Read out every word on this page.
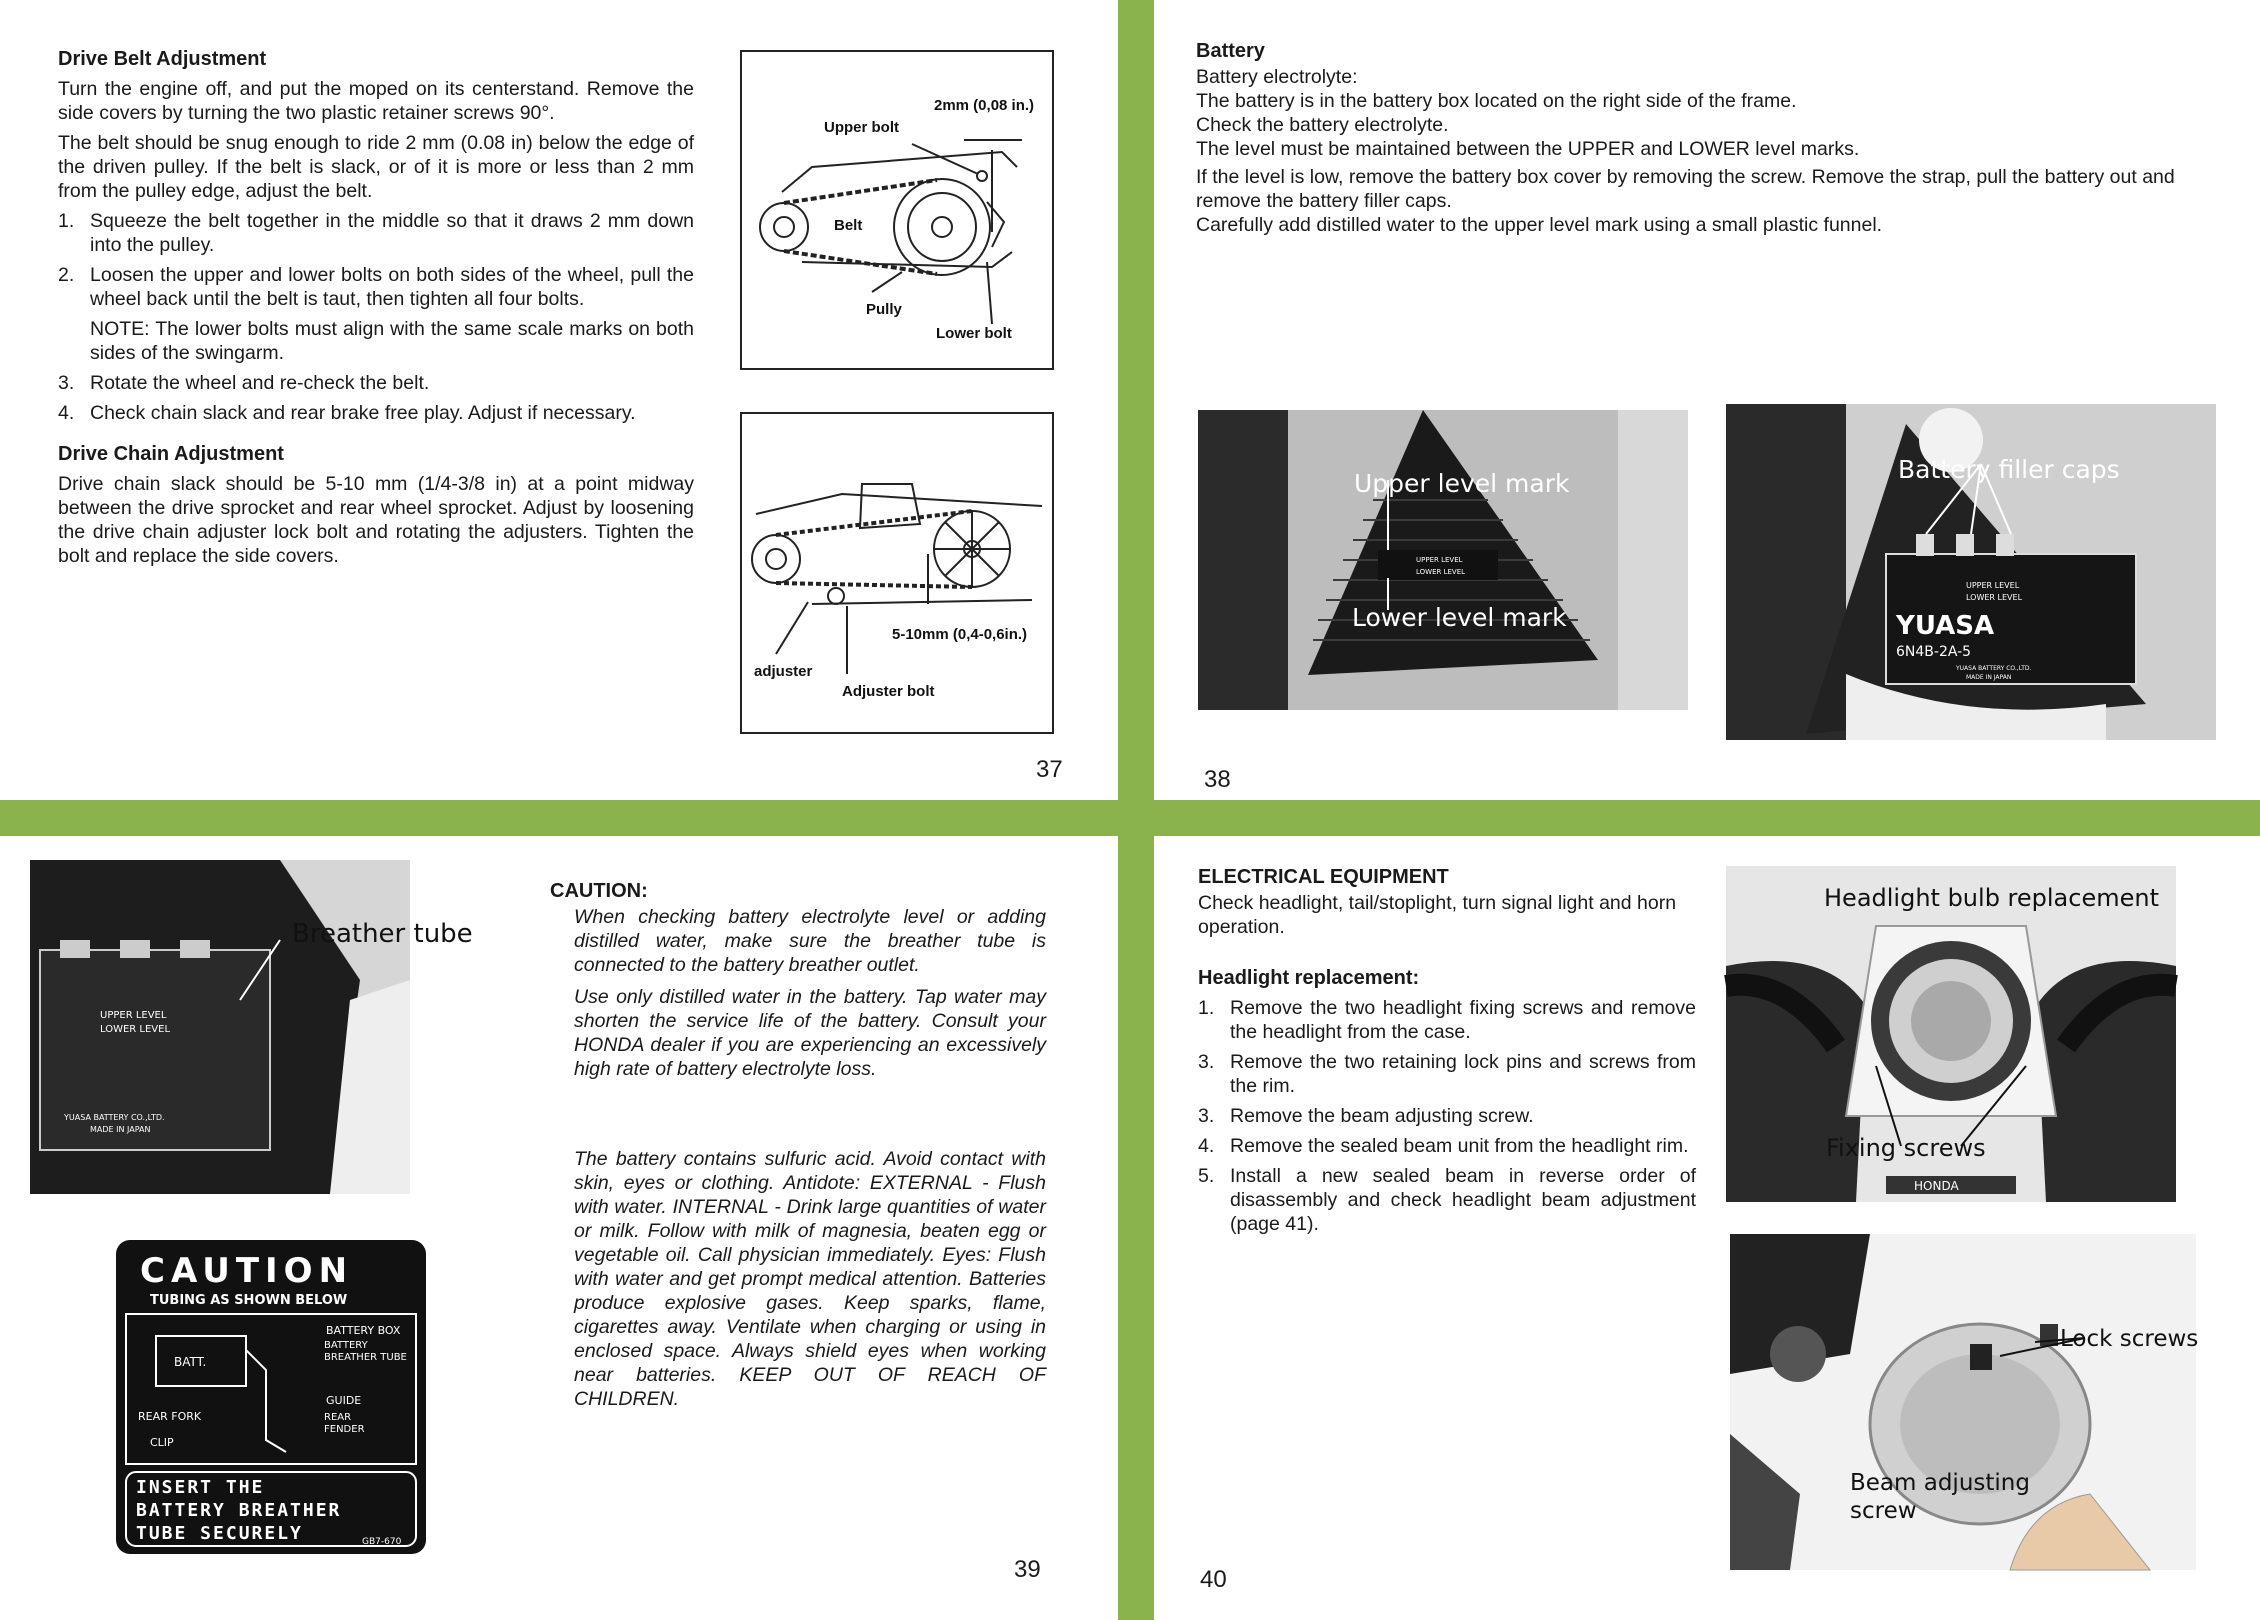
Drive Belt Adjustment
Turn the engine off, and put the moped on its centerstand. Remove the side covers by turning the two plastic retainer screws 90°.
The belt should be snug enough to ride 2 mm (0.08 in) below the edge of the driven pulley. If the belt is slack, or of it is more or less than 2 mm from the pulley edge, adjust the belt.
1. Squeeze the belt together in the middle so that it draws 2 mm down into the pulley.
2. Loosen the upper and lower bolts on both sides of the wheel, pull the wheel back until the belt is taut, then tighten all four bolts.
NOTE: The lower bolts must align with the same scale marks on both sides of the swingarm.
3. Rotate the wheel and re-check the belt.
4. Check chain slack and rear brake free play. Adjust if necessary.
Drive Chain Adjustment
Drive chain slack should be 5-10 mm (1/4-3/8 in) at a point midway between the drive sprocket and rear wheel sprocket. Adjust by loosening the drive chain adjuster lock bolt and rotating the adjusters. Tighten the bolt and replace the side covers.
2mm (0,08 in.)
Upper bolt
Belt
Pully
Lower bolt
5-10mm (0,4-0,6in.)
adjuster
Adjuster bolt
37
Battery
Battery electrolyte:
The battery is in the battery box located on the right side of the frame.
Check the battery electrolyte.
The level must be maintained between the UPPER and LOWER level marks.
If the level is low, remove the battery box cover by removing the screw. Remove the strap, pull the battery out and remove the battery filler caps.
Carefully add distilled water to the upper level mark using a small plastic funnel.
UPPER LEVEL
LOWER LEVEL
Upper level mark
Lower level mark
UPPER LEVEL
LOWER LEVEL
YUASA
6N4B-2A-5
YUASA BATTERY CO.,LTD.
MADE IN JAPAN
Battery filler caps
38
UPPER LEVEL
LOWER LEVEL
YUASA BATTERY CO.,LTD.
MADE IN JAPAN
Breather tube
CAUTION
TUBING AS SHOWN BELOW
BATT.
BATTERY BOX
BATTERY BREATHER TUBE
GUIDE
REAR FENDER
REAR FORK
CLIP
INSERT THE BATTERY BREATHER TUBE SECURELY	GB7-670
CAUTION:
When checking battery electrolyte level or adding distilled water, make sure the breather tube is connected to the battery breather outlet.
Use only distilled water in the battery. Tap water may shorten the service life of the battery. Consult your HONDA dealer if you are experiencing an excessively high rate of battery electrolyte loss.
The battery contains sulfuric acid. Avoid contact with skin, eyes or clothing. Antidote: EXTERNAL - Flush with water. INTERNAL - Drink large quantities of water or milk. Follow with milk of magnesia, beaten egg or vegetable oil. Call physician immediately. Eyes: Flush with water and get prompt medical attention. Batteries produce explosive gases. Keep sparks, flame, cigarettes away. Ventilate when charging or using in enclosed space. Always shield eyes when working near batteries. KEEP OUT OF REACH OF CHILDREN.
39
ELECTRICAL EQUIPMENT
Check headlight, tail/stoplight, turn signal light and horn operation.
Headlight replacement:
1. Remove the two headlight fixing screws and remove the headlight from the case.
3. Remove the two retaining lock pins and screws from the rim.
3. Remove the beam adjusting screw.
4. Remove the sealed beam unit from the headlight rim.
5. Install a new sealed beam in reverse order of disassembly and check headlight beam adjustment (page 41).
HONDA
Fixing screws
Headlight bulb replacement
Lock screws
Beam adjusting
screw
40
